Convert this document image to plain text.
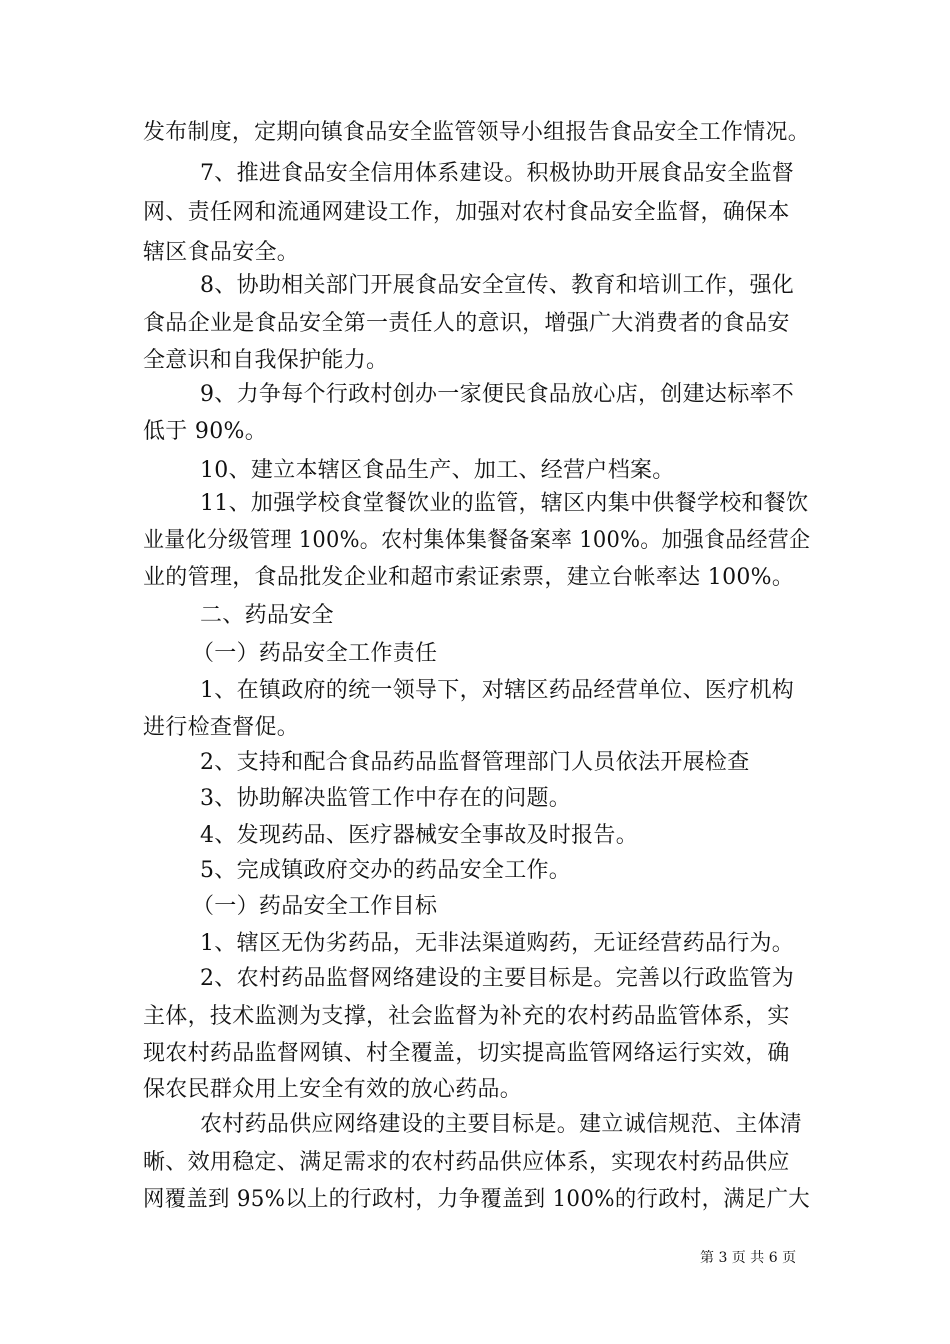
发布制度，定期向镇食品安全监管领导小组报告食品安全工作情况。
7、推进食品安全信用体系建设。积极协助开展食品安全监督
网、责任网和流通网建设工作，加强对农村食品安全监督，确保本
辖区食品安全。
8、协助相关部门开展食品安全宣传、教育和培训工作，强化
食品企业是食品安全第一责任人的意识，增强广大消费者的食品安
全意识和自我保护能力。
9、力争每个行政村创办一家便民食品放心店，创建达标率不
低于 90%。
10、建立本辖区食品生产、加工、经营户档案。
11、加强学校食堂餐饮业的监管，辖区内集中供餐学校和餐饮
业量化分级管理 100%。农村集体集餐备案率 100%。加强食品经营企
业的管理，食品批发企业和超市索证索票，建立台帐率达 100%。
二、药品安全
（一）药品安全工作责任
1、在镇政府的统一领导下，对辖区药品经营单位、医疗机构
进行检查督促。
2、支持和配合食品药品监督管理部门人员依法开展检查
3、协助解决监管工作中存在的问题。
4、发现药品、医疗器械安全事故及时报告。
5、完成镇政府交办的药品安全工作。
（一）药品安全工作目标
1、辖区无伪劣药品，无非法渠道购药，无证经营药品行为。
2、农村药品监督网络建设的主要目标是。完善以行政监管为
主体，技术监测为支撑，社会监督为补充的农村药品监管体系，实
现农村药品监督网镇、村全覆盖，切实提高监管网络运行实效，确
保农民群众用上安全有效的放心药品。
农村药品供应网络建设的主要目标是。建立诚信规范、主体清
晰、效用稳定、满足需求的农村药品供应体系，实现农村药品供应
网覆盖到 95%以上的行政村，力争覆盖到 100%的行政村，满足广大
第 3 页 共 6 页
